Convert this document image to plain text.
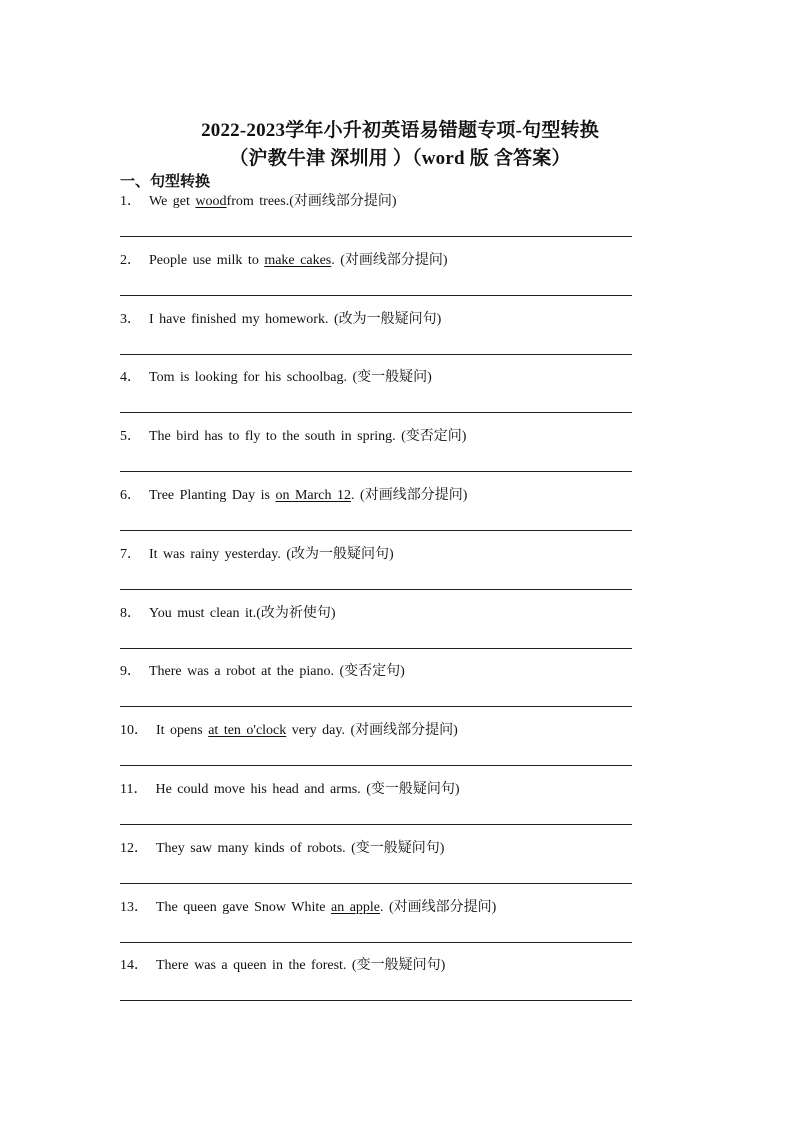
2022-2023学年小升初英语易错题专项-句型转换
（沪教牛津 深圳用 ）（word 版 含答案）
一、句型转换
1． We get woodfrom trees.(对画线部分提问)
2． People use milk to make cakes. (对画线部分提问)
3． I have finished my homework. (改为一般疑问句)
4． Tom is looking for his schoolbag. (变一般疑问)
5． The bird has to fly to the south in spring. (变否定问)
6． Tree Planting Day is on March 12. (对画线部分提问)
7． It was rainy yesterday. (改为一般疑问句)
8． You must clean it.(改为祈使句)
9． There was a robot at the piano. (变否定句)
10． It opens at ten o'clock very day. (对画线部分提问)
11． He could move his head and arms. (变一般疑问句)
12． They saw many kinds of robots. (变一般疑问句)
13． The queen gave Snow White an apple. (对画线部分提问)
14． There was a queen in the forest. (变一般疑问句)
